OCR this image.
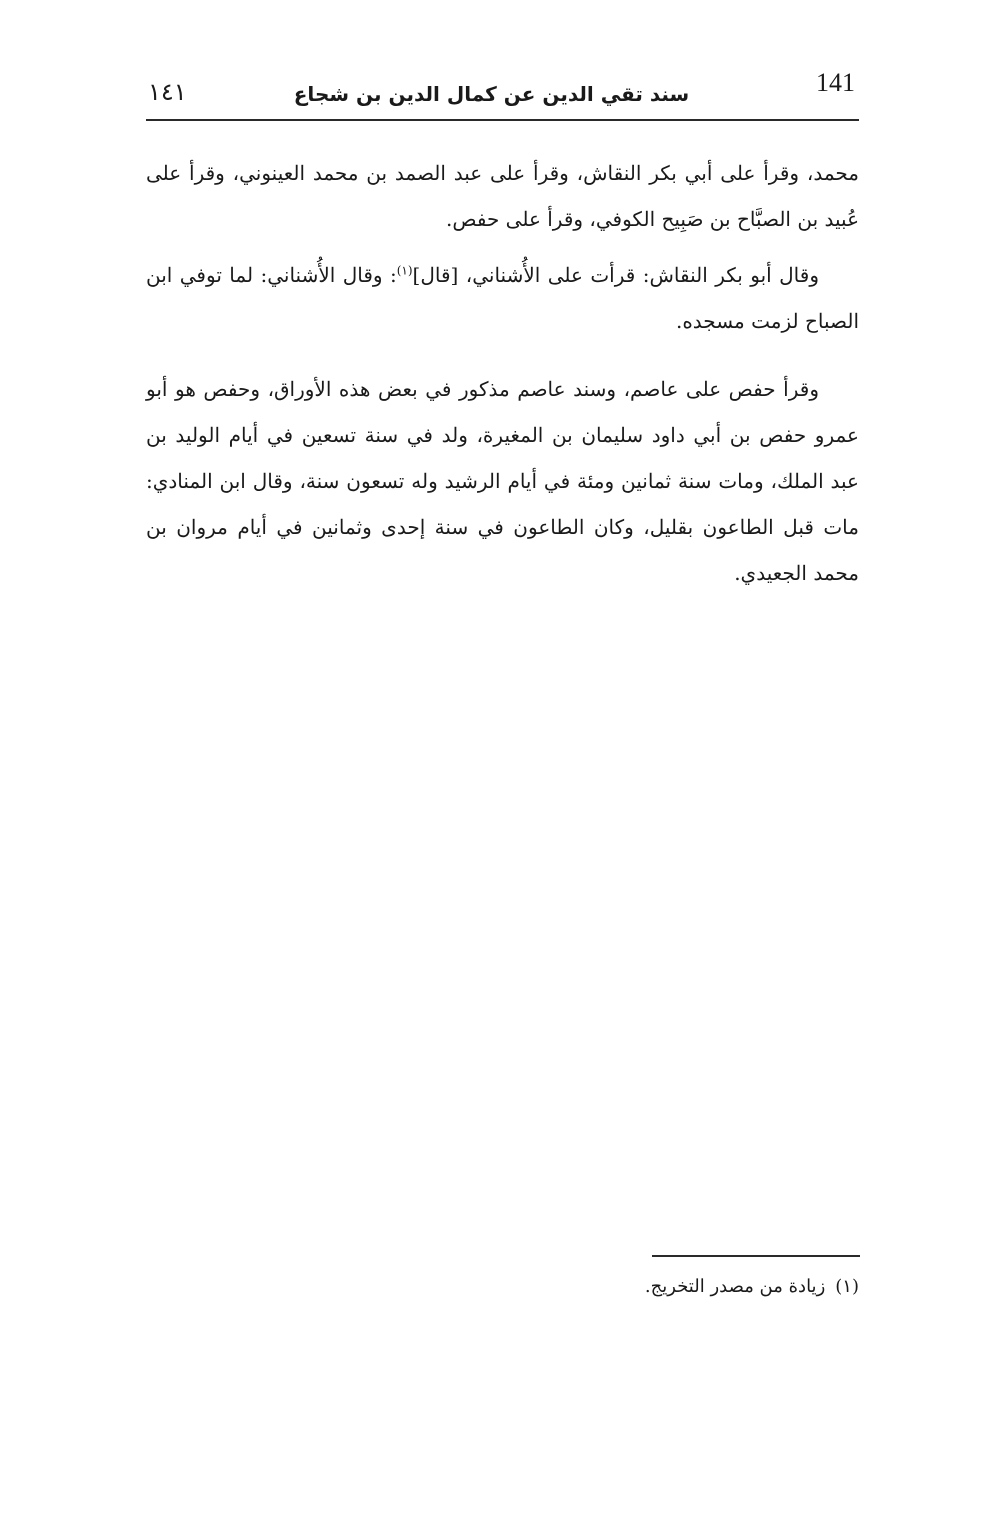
141
سند تقي الدين عن كمال الدين بن شجاع
١٤١

محمد، وقرأ على أبي بكر النقاش، وقرأ على عبد الصمد بن محمد العينوني، وقرأ على عُبيد بن الصبَّاح بن صَبِيح الكوفي، وقرأ على حفص.

وقال أبو بكر النقاش: قرأت على الأُشناني، [قال]$^{(١)}$: وقال الأُشناني: لما توفي ابن الصباح لزمت مسجده.

وقرأ حفص على عاصم، وسند عاصم مذكور في بعض هذه الأوراق، وحفص هو أبو عمرو حفص بن أبي داود سليمان بن المغيرة، ولد في سنة تسعين في أيام الوليد بن عبد الملك، ومات سنة ثمانين ومئة في أيام الرشيد وله تسعون سنة، وقال ابن المنادي: مات قبل الطاعون بقليل، وكان الطاعون في سنة إحدى وثمانين في أيام مروان بن محمد الجعيدي.

(١)زيادة من مصدر التخريج.
